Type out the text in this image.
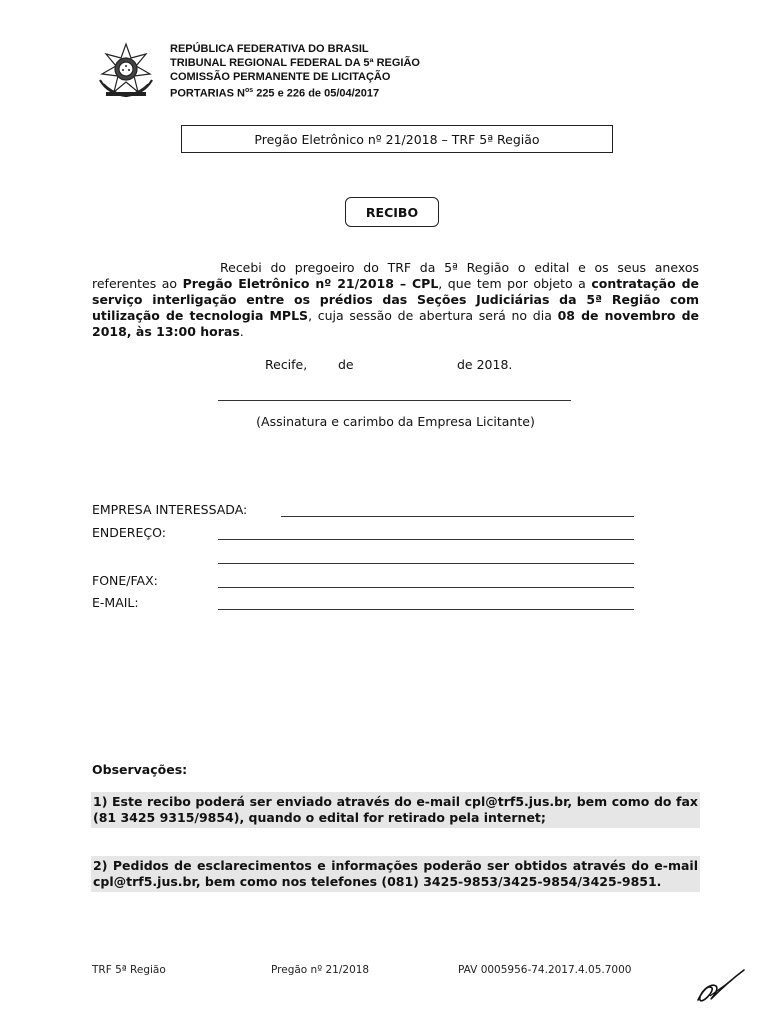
REPÚBLICA FEDERATIVA DO BRASIL
TRIBUNAL REGIONAL FEDERAL DA 5ª REGIÃO
COMISSÃO PERMANENTE DE LICITAÇÃO
PORTARIAS $N^{os}$ 225 e 226 de 05/04/2017
Pregão Eletrônico nº 21/2018 – TRF 5ª Região
RECIBO
Recebi do pregoeiro do TRF da 5ª Região o edital e os seus anexos referentes ao Pregão Eletrônico nº 21/2018 – CPL, que tem por objeto a contratação de serviço interligação entre os prédios das Seções Judiciárias da 5ª Região com utilização de tecnologia MPLS, cuja sessão de abertura será no dia 08 de novembro de 2018, às 13:00 horas.
Recife, de	de 2018.
(Assinatura e carimbo da Empresa Licitante)
EMPRESA INTERESSADA:
ENDEREÇO:
FONE/FAX:
E-MAIL:
Observações:
1) Este recibo poderá ser enviado através do e-mail cpl@trf5.jus.br, bem como do fax (81 3425 9315/9854), quando o edital for retirado pela internet;
2) Pedidos de esclarecimentos e informações poderão ser obtidos através do e-mail cpl@trf5.jus.br, bem como nos telefones (081) 3425-9853/3425-9854/3425-9851.
TRF 5ª Região	Pregão nº 21/2018	PAV 0005956-74.2017.4.05.7000
